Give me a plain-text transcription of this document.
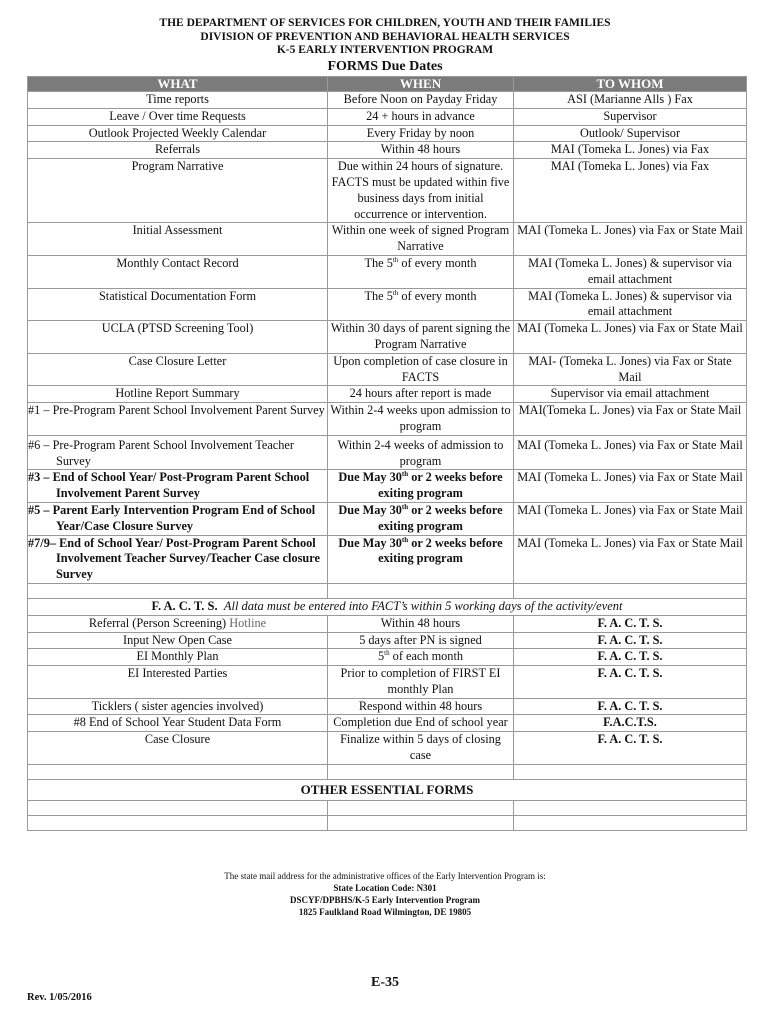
THE DEPARTMENT OF SERVICES FOR CHILDREN, YOUTH AND THEIR FAMILIES
DIVISION OF PREVENTION AND BEHAVIORAL HEALTH SERVICES
K-5 EARLY INTERVENTION PROGRAM
FORMS Due Dates
WHAT	WHEN	TO WHOM
Time reports	Before Noon on Payday Friday	ASI (Marianne Alls ) Fax
Leave / Over time Requests	24 + hours in advance	Supervisor
Outlook Projected Weekly Calendar	Every Friday by noon	Outlook/ Supervisor
Referrals	Within 48 hours	MAI (Tomeka L. Jones) via Fax
Program Narrative	Due within 24 hours of signature. FACTS must be updated within five business days from initial occurrence or intervention.	MAI (Tomeka L. Jones) via Fax
Initial Assessment	Within one week of signed Program Narrative	MAI (Tomeka L. Jones) via Fax or State Mail
Monthly Contact Record	The 5th of every month	MAI (Tomeka L. Jones) & supervisor via email attachment
Statistical Documentation Form	The 5th of every month	MAI (Tomeka L. Jones) & supervisor via email attachment
UCLA (PTSD Screening Tool)	Within 30 days of parent signing the Program Narrative	MAI (Tomeka L. Jones) via Fax or State Mail
Case Closure Letter	Upon completion of case closure in FACTS	MAI- (Tomeka L. Jones) via Fax or State Mail
Hotline Report Summary	24 hours after report is made	Supervisor via email attachment

#1 – Pre-Program Parent School Involvement Parent Survey	Within 2-4 weeks upon admission to program	MAI(Tomeka L. Jones) via Fax or State Mail
#6 – Pre-Program Parent School Involvement Teacher Survey	Within 2-4 weeks of admission to program	MAI (Tomeka L. Jones) via Fax or State Mail
#3 – End of School Year/ Post-Program Parent School Involvement Parent Survey	Due May 30th or 2 weeks before exiting program	MAI (Tomeka L. Jones) via Fax or State Mail
#5 – Parent Early Intervention Program End of School Year/Case Closure Survey	Due May 30th or 2 weeks before exiting program	MAI (Tomeka L. Jones) via Fax or State Mail
#7/9– End of School Year/ Post-Program Parent School Involvement Teacher Survey/Teacher Case closure Survey	Due May 30th or 2 weeks before exiting program	MAI (Tomeka L. Jones) via Fax or State Mail

F. A. C. T. S. All data must be entered into FACT’s within 5 working days of the activity/event		
Referral (Person Screening) Hotline	Within 48 hours	F. A. C. T. S.
Input New Open Case	5 days after PN is signed	F. A. C. T. S.
EI Monthly Plan	5th of each month	F. A. C. T. S.
EI Interested Parties	Prior to completion of FIRST EI monthly Plan	F. A. C. T. S.
Ticklers ( sister agencies involved)	Respond within 48 hours	F. A. C. T. S.
#8 End of School Year Student Data Form	Completion due End of school year	F.A.C.T.S.
Case Closure	Finalize within 5 days of closing case	F. A. C. T. S.

OTHER ESSENTIAL FORMS		

The state mail address for the administrative offices of the Early Intervention Program is:
State Location Code: N301
DSCYF/DPBHS/K-5 Early Intervention Program
1825 Faulkland Road Wilmington, DE 19805
E-35
Rev. 1/05/2016
